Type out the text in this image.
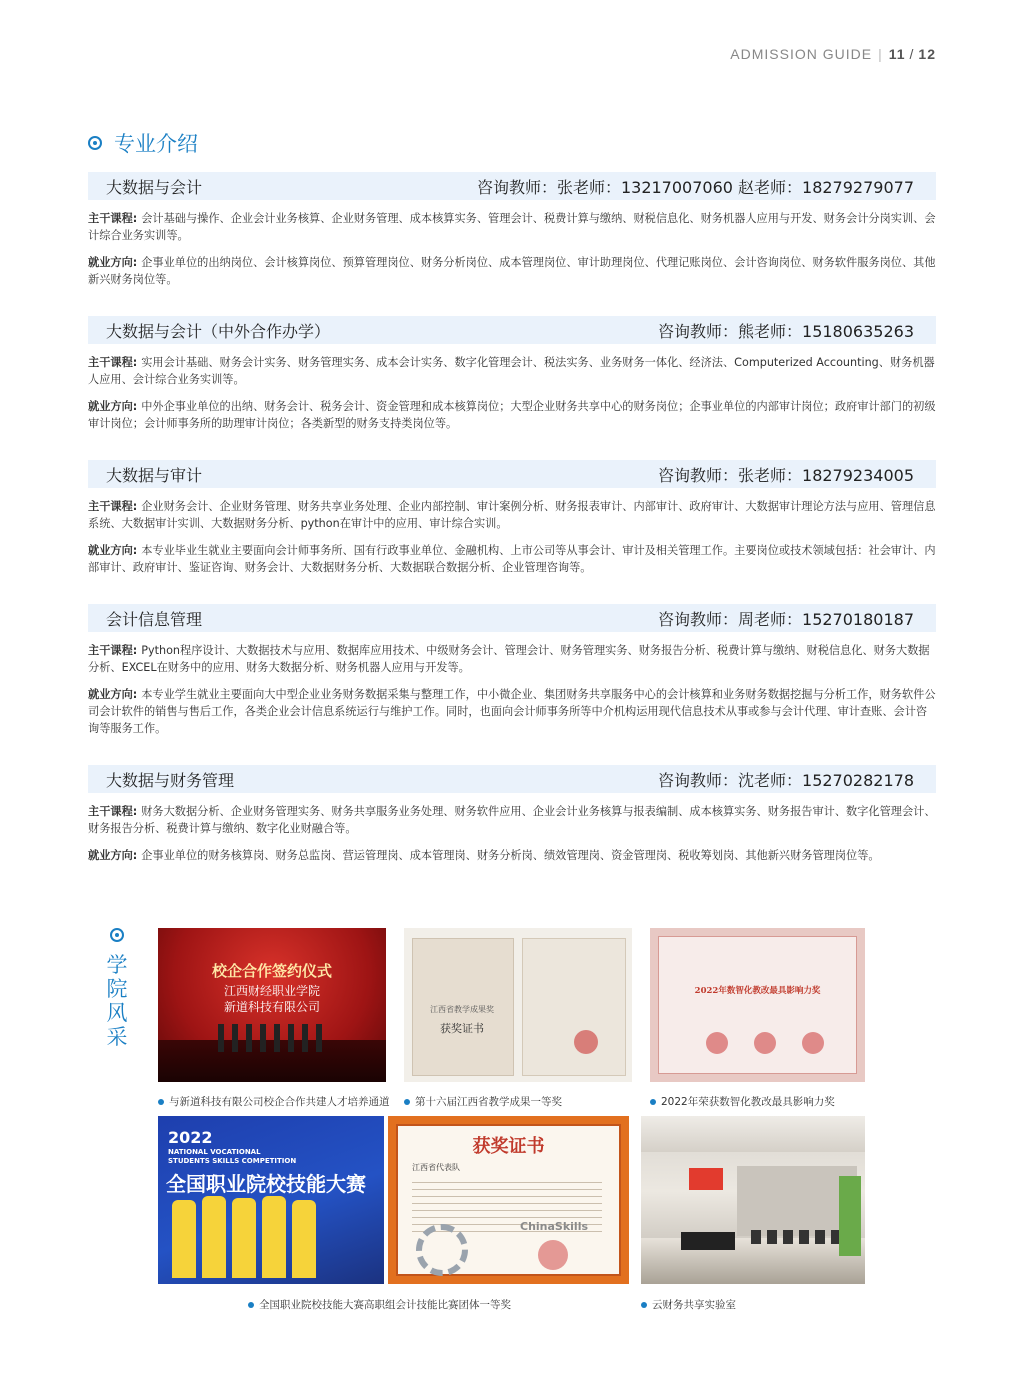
ADMISSION GUIDE | 11 / 12
专业介绍
大数据与会计	咨询教师：张老师：13217007060 赵老师：18279279077
主干课程: 会计基础与操作、企业会计业务核算、企业财务管理、成本核算实务、管理会计、税费计算与缴纳、财税信息化、财务机器人应用与开发、财务会计分岗实训、会计综合业务实训等。
就业方向: 企事业单位的出纳岗位、会计核算岗位、预算管理岗位、财务分析岗位、成本管理岗位、审计助理岗位、代理记账岗位、会计咨询岗位、财务软件服务岗位、其他新兴财务岗位等。
大数据与会计（中外合作办学）	咨询教师：熊老师：15180635263
主干课程: 实用会计基础、财务会计实务、财务管理实务、成本会计实务、数字化管理会计、税法实务、业务财务一体化、经济法、Computerized Accounting、财务机器人应用、会计综合业务实训等。
就业方向: 中外企事业单位的出纳、财务会计、税务会计、资金管理和成本核算岗位；大型企业财务共享中心的财务岗位；企事业单位的内部审计岗位；政府审计部门的初级审计岗位；会计师事务所的助理审计岗位；各类新型的财务支持类岗位等。
大数据与审计	咨询教师：张老师：18279234005
主干课程: 企业财务会计、企业财务管理、财务共享业务处理、企业内部控制、审计案例分析、财务报表审计、内部审计、政府审计、大数据审计理论方法与应用、管理信息系统、大数据审计实训、大数据财务分析、python在审计中的应用、审计综合实训。
就业方向: 本专业毕业生就业主要面向会计师事务所、国有行政事业单位、金融机构、上市公司等从事会计、审计及相关管理工作。主要岗位或技术领域包括：社会审计、内部审计、政府审计、鉴证咨询、财务会计、大数据财务分析、大数据联合数据分析、企业管理咨询等。
会计信息管理	咨询教师：周老师：15270180187
主干课程: Python程序设计、大数据技术与应用、数据库应用技术、中级财务会计、管理会计、财务管理实务、财务报告分析、税费计算与缴纳、财税信息化、财务大数据分析、EXCEL在财务中的应用、财务大数据分析、财务机器人应用与开发等。
就业方向: 本专业学生就业主要面向大中型企业业务财务数据采集与整理工作，中小微企业、集团财务共享服务中心的会计核算和业务财务数据挖掘与分析工作，财务软件公司会计软件的销售与售后工作，各类企业会计信息系统运行与维护工作。同时，也面向会计师事务所等中介机构运用现代信息技术从事或参与会计代理、审计查账、会计咨询等服务工作。
大数据与财务管理	咨询教师：沈老师：15270282178
主干课程: 财务大数据分析、企业财务管理实务、财务共享服务业务处理、财务软件应用、企业会计业务核算与报表编制、成本核算实务、财务报告审计、数字化管理会计、财务报告分析、税费计算与缴纳、数字化业财融合等。
就业方向: 企事业单位的财务核算岗、财务总监岗、营运管理岗、成本管理岗、财务分析岗、绩效管理岗、资金管理岗、税收筹划岗、其他新兴财务管理岗位等。
学
院
风
采
校企合作签约仪式
江西财经职业学院
新道科技有限公司	江西省教学成果奖
获奖证书
2022年数智化教改最具影响力奖
与新道科技有限公司校企合作共建人才培养通道 第十六届江西省教学成果一等奖	2022年荣获数智化教改最具影响力奖
2022
NATIONAL VOCATIONAL
STUDENTS SKILLS COMPETITION
全国职业院校技能大赛
获奖证书
江西省代表队
ChinaSkills
全国职业院校技能大赛高职组会计技能比赛团体一等奖	云财务共享实验室
